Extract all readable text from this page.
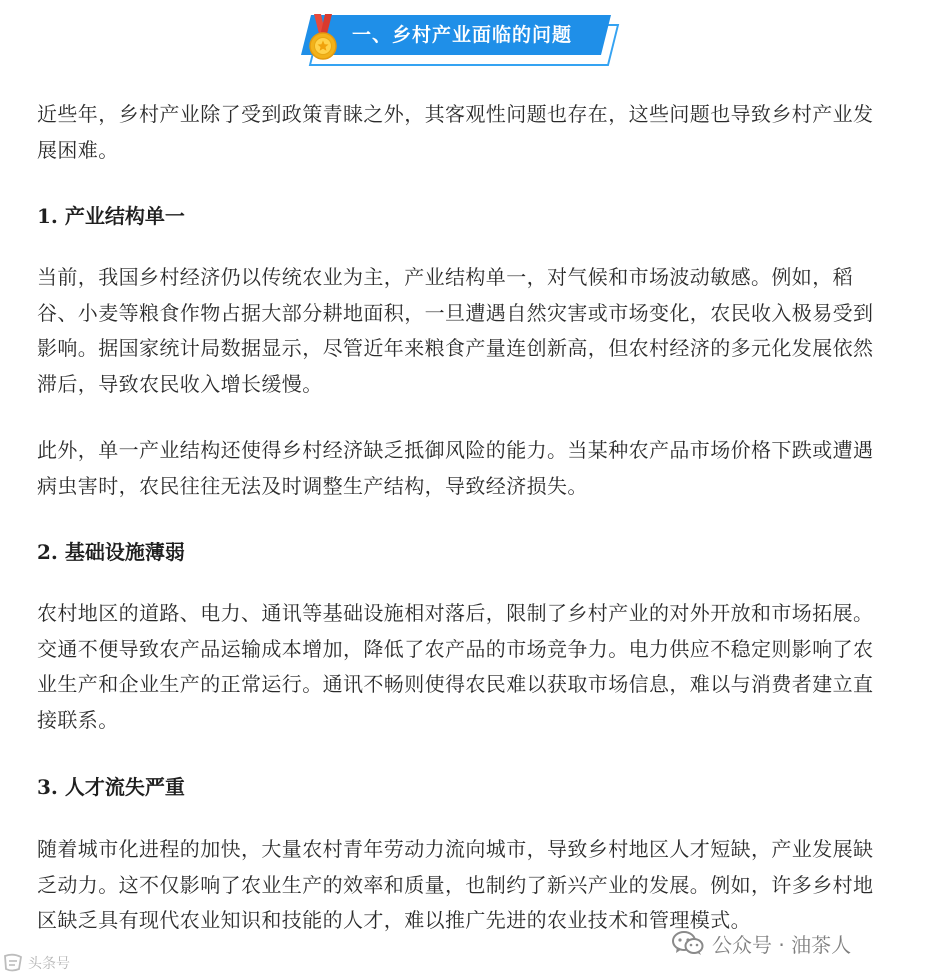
一、乡村产业面临的问题

近些年，乡村产业除了受到政策青睐之外，其客观性问题也存在，这些问题也导致乡村产业发展困难。

1. 产业结构单一

当前，我国乡村经济仍以传统农业为主，产业结构单一，对气候和市场波动敏感。例如，稻谷、小麦等粮食作物占据大部分耕地面积，一旦遭遇自然灾害或市场变化，农民收入极易受到影响。据国家统计局数据显示，尽管近年来粮食产量连创新高，但农村经济的多元化发展依然滞后，导致农民收入增长缓慢。

此外，单一产业结构还使得乡村经济缺乏抵御风险的能力。当某种农产品市场价格下跌或遭遇病虫害时，农民往往无法及时调整生产结构，导致经济损失。

2. 基础设施薄弱

农村地区的道路、电力、通讯等基础设施相对落后，限制了乡村产业的对外开放和市场拓展。交通不便导致农产品运输成本增加，降低了农产品的市场竞争力。电力供应不稳定则影响了农业生产和企业生产的正常运行。通讯不畅则使得农民难以获取市场信息，难以与消费者建立直接联系。

3. 人才流失严重

随着城市化进程的加快，大量农村青年劳动力流向城市，导致乡村地区人才短缺，产业发展缺乏动力。这不仅影响了农业生产的效率和质量，也制约了新兴产业的发展。例如，许多乡村地区缺乏具有现代农业知识和技能的人才，难以推广先进的农业技术和管理模式。

公众号 · 油茶人
头条号
